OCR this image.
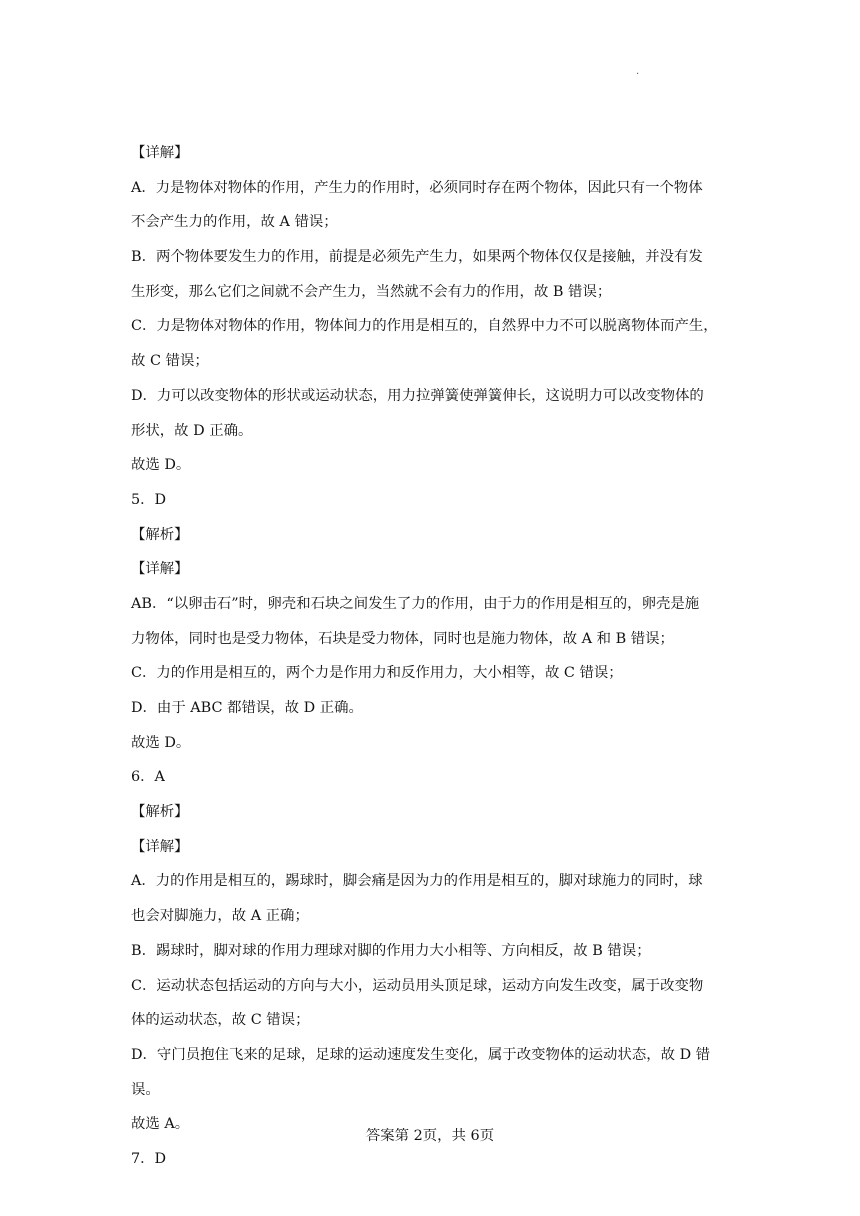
.
【详解】
A．力是物体对物体的作用，产生力的作用时，必须同时存在两个物体，因此只有一个物体
不会产生力的作用，故 A 错误；
B．两个物体要发生力的作用，前提是必须先产生力，如果两个物体仅仅是接触，并没有发
生形变，那么它们之间就不会产生力，当然就不会有力的作用，故 B 错误；
C．力是物体对物体的作用，物体间力的作用是相互的，自然界中力不可以脱离物体而产生，
故 C 错误；
D．力可以改变物体的形状或运动状态，用力拉弹簧使弹簧伸长，这说明力可以改变物体的
形状，故 D 正确。
故选 D。
5．D
【解析】
【详解】
AB．“以卵击石”时，卵壳和石块之间发生了力的作用，由于力的作用是相互的，卵壳是施
力物体，同时也是受力物体，石块是受力物体，同时也是施力物体，故 A 和 B 错误；
C．力的作用是相互的，两个力是作用力和反作用力，大小相等，故 C 错误；
D．由于 ABC 都错误，故 D 正确。
故选 D。
6．A
【解析】
【详解】
A．力的作用是相互的，踢球时，脚会痛是因为力的作用是相互的，脚对球施力的同时，球
也会对脚施力，故 A 正确；
B．踢球时，脚对球的作用力理球对脚的作用力大小相等、方向相反，故 B 错误；
C．运动状态包括运动的方向与大小，运动员用头顶足球，运动方向发生改变，属于改变物
体的运动状态，故 C 错误；
D．守门员抱住飞来的足球，足球的运动速度发生变化，属于改变物体的运动状态，故 D 错
误。
故选 A。
7．D
答案第 2页，共 6页
